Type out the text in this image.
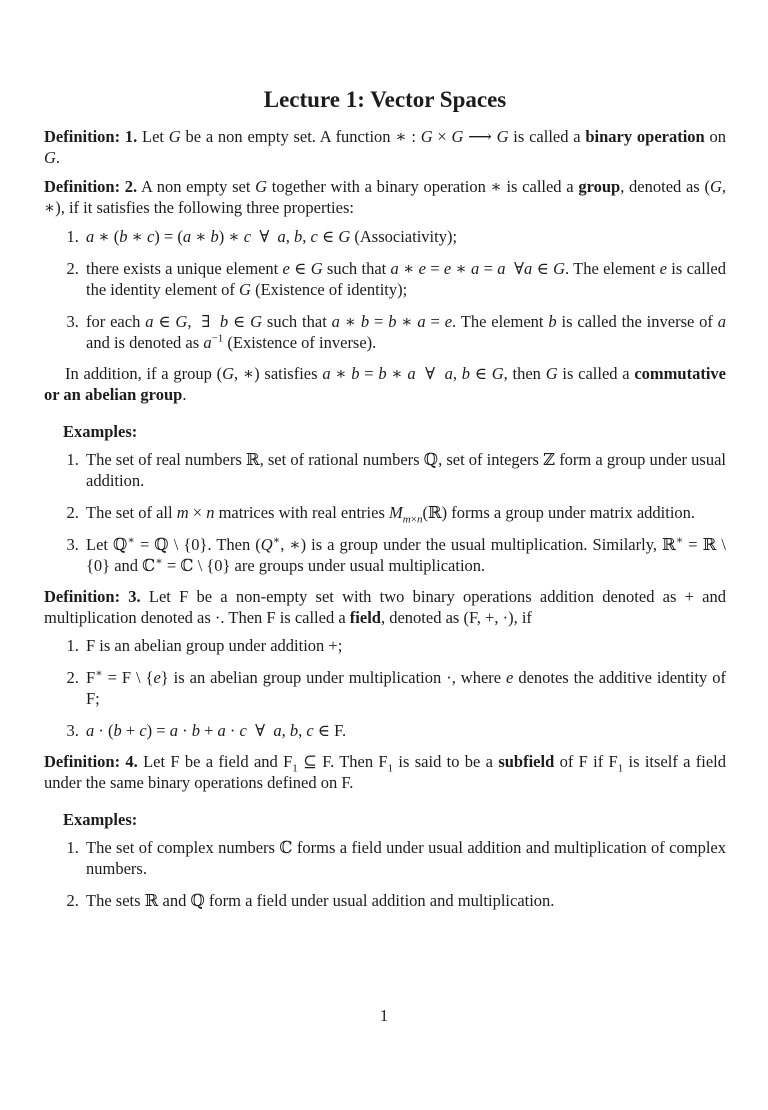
Lecture 1: Vector Spaces

Definition: 1. Let G be a non empty set. A function ∗ : G × G ⟶ G is called a binary operation on G.

Definition: 2. A non empty set G together with a binary operation ∗ is called a group, denoted as (G, ∗), if it satisfies the following three properties:

1. a ∗ (b ∗ c) = (a ∗ b) ∗ c  ∀  a, b, c ∈ G (Associativity);
2. there exists a unique element e ∈ G such that a ∗ e = e ∗ a = a  ∀a ∈ G. The element e is called the identity element of G (Existence of identity);
3. for each a ∈ G,  ∃  b ∈ G such that a ∗ b = b ∗ a = e. The element b is called the inverse of a and is denoted as $a^{-1}$ (Existence of inverse).

In addition, if a group (G, ∗) satisfies a ∗ b = b ∗ a  ∀  a, b ∈ G, then G is called a commutative or an abelian group.

Examples:
1. The set of real numbers ℝ, set of rational numbers ℚ, set of integers ℤ form a group under usual addition.
2. The set of all m × n matrices with real entries $M_{m\times n}(ℝ)$ forms a group under matrix addition.
3. Let ℚ∗ = ℚ \ {0}. Then (Q∗, ∗) is a group under the usual multiplication. Similarly, ℝ∗ = ℝ \ {0} and ℂ∗ = ℂ \ {0} are groups under usual multiplication.

Definition: 3. Let F be a non-empty set with two binary operations addition denoted as + and multiplication denoted as ·. Then F is called a field, denoted as (F, +, ·), if

1. F is an abelian group under addition +;
2. F∗ = F \ {e} is an abelian group under multiplication ·, where e denotes the additive identity of F;
3. a · (b + c) = a · b + a · c  ∀  a, b, c ∈ F.

Definition: 4. Let F be a field and $F_1$ ⊆ F. Then $F_1$ is said to be a subfield of F if $F_1$ is itself a field under the same binary operations defined on F.

Examples:
1. The set of complex numbers ℂ forms a field under usual addition and multiplication of complex numbers.
2. The sets ℝ and ℚ form a field under usual addition and multiplication.
1
